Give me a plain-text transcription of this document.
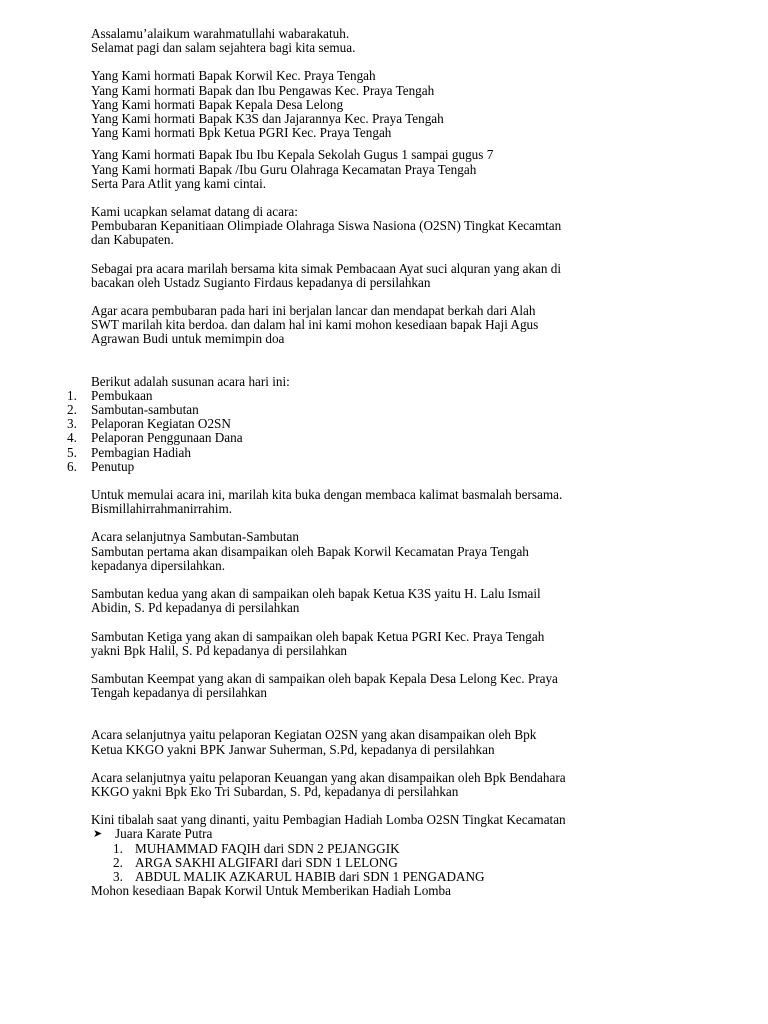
Assalamu’alaikum warahmatullahi wabarakatuh.

Selamat pagi dan salam sejahtera bagi kita semua.

Yang Kami hormati Bapak Korwil Kec. Praya Tengah

Yang Kami hormati Bapak dan Ibu Pengawas Kec. Praya Tengah

Yang Kami hormati Bapak Kepala Desa Lelong

Yang Kami hormati Bapak K3S dan Jajarannya Kec. Praya Tengah

Yang Kami hormati Bpk Ketua PGRI Kec. Praya Tengah

Yang Kami hormati Bapak Ibu Ibu Kepala Sekolah Gugus 1 sampai gugus 7

Yang Kami hormati Bapak /Ibu Guru Olahraga Kecamatan Praya Tengah

Serta Para Atlit yang kami cintai.

Kami ucapkan selamat datang di acara:

Pembubaran Kepanitiaan Olimpiade Olahraga Siswa Nasiona (O2SN) Tingkat Kecamtan

dan Kabupaten.

Sebagai pra acara marilah bersama kita simak Pembacaan Ayat suci alquran yang akan di

bacakan oleh Ustadz Sugianto Firdaus kepadanya di persilahkan

Agar acara pembubaran pada hari ini berjalan lancar dan mendapat berkah dari Alah

SWT marilah kita berdoa. dan dalam hal ini kami mohon kesediaan bapak Haji Agus

Agrawan Budi untuk memimpin doa

Berikut adalah susunan acara hari ini:

1.	Pembukaan
2.	Sambutan-sambutan
3.	Pelaporan Kegiatan O2SN
4.	Pelaporan Penggunaan Dana
5.	Pembagian Hadiah
6.	Penutup

Untuk memulai acara ini, marilah kita buka dengan membaca kalimat basmalah bersama.

Bismillahirrahmanirrahim.

Acara selanjutnya Sambutan-Sambutan

Sambutan pertama akan disampaikan oleh Bapak Korwil Kecamatan Praya Tengah

kepadanya dipersilahkan.

Sambutan kedua yang akan di sampaikan oleh bapak Ketua K3S yaitu H. Lalu Ismail

Abidin, S. Pd kepadanya di persilahkan

Sambutan Ketiga yang akan di sampaikan oleh bapak Ketua PGRI Kec. Praya Tengah

yakni Bpk Halil, S. Pd kepadanya di persilahkan

Sambutan Keempat yang akan di sampaikan oleh bapak Kepala Desa Lelong Kec. Praya

Tengah kepadanya di persilahkan

Acara selanjutnya yaitu pelaporan Kegiatan O2SN yang akan disampaikan oleh Bpk

Ketua KKGO yakni BPK Janwar Suherman, S.Pd, kepadanya di persilahkan

Acara selanjutnya yaitu pelaporan Keuangan yang akan disampaikan oleh Bpk Bendahara

KKGO yakni Bpk Eko Tri Subardan, S. Pd, kepadanya di persilahkan

Kini tibalah saat yang dinanti, yaitu Pembagian Hadiah Lomba O2SN Tingkat Kecamatan

➤ Juara Karate Putra
1. MUHAMMAD FAQIH dari SDN 2 PEJANGGIK
2. ARGA SAKHI ALGIFARI dari SDN 1 LELONG
3. ABDUL MALIK AZKARUL HABIB dari SDN 1 PENGADANG

Mohon kesediaan Bapak Korwil Untuk Memberikan Hadiah Lomba
